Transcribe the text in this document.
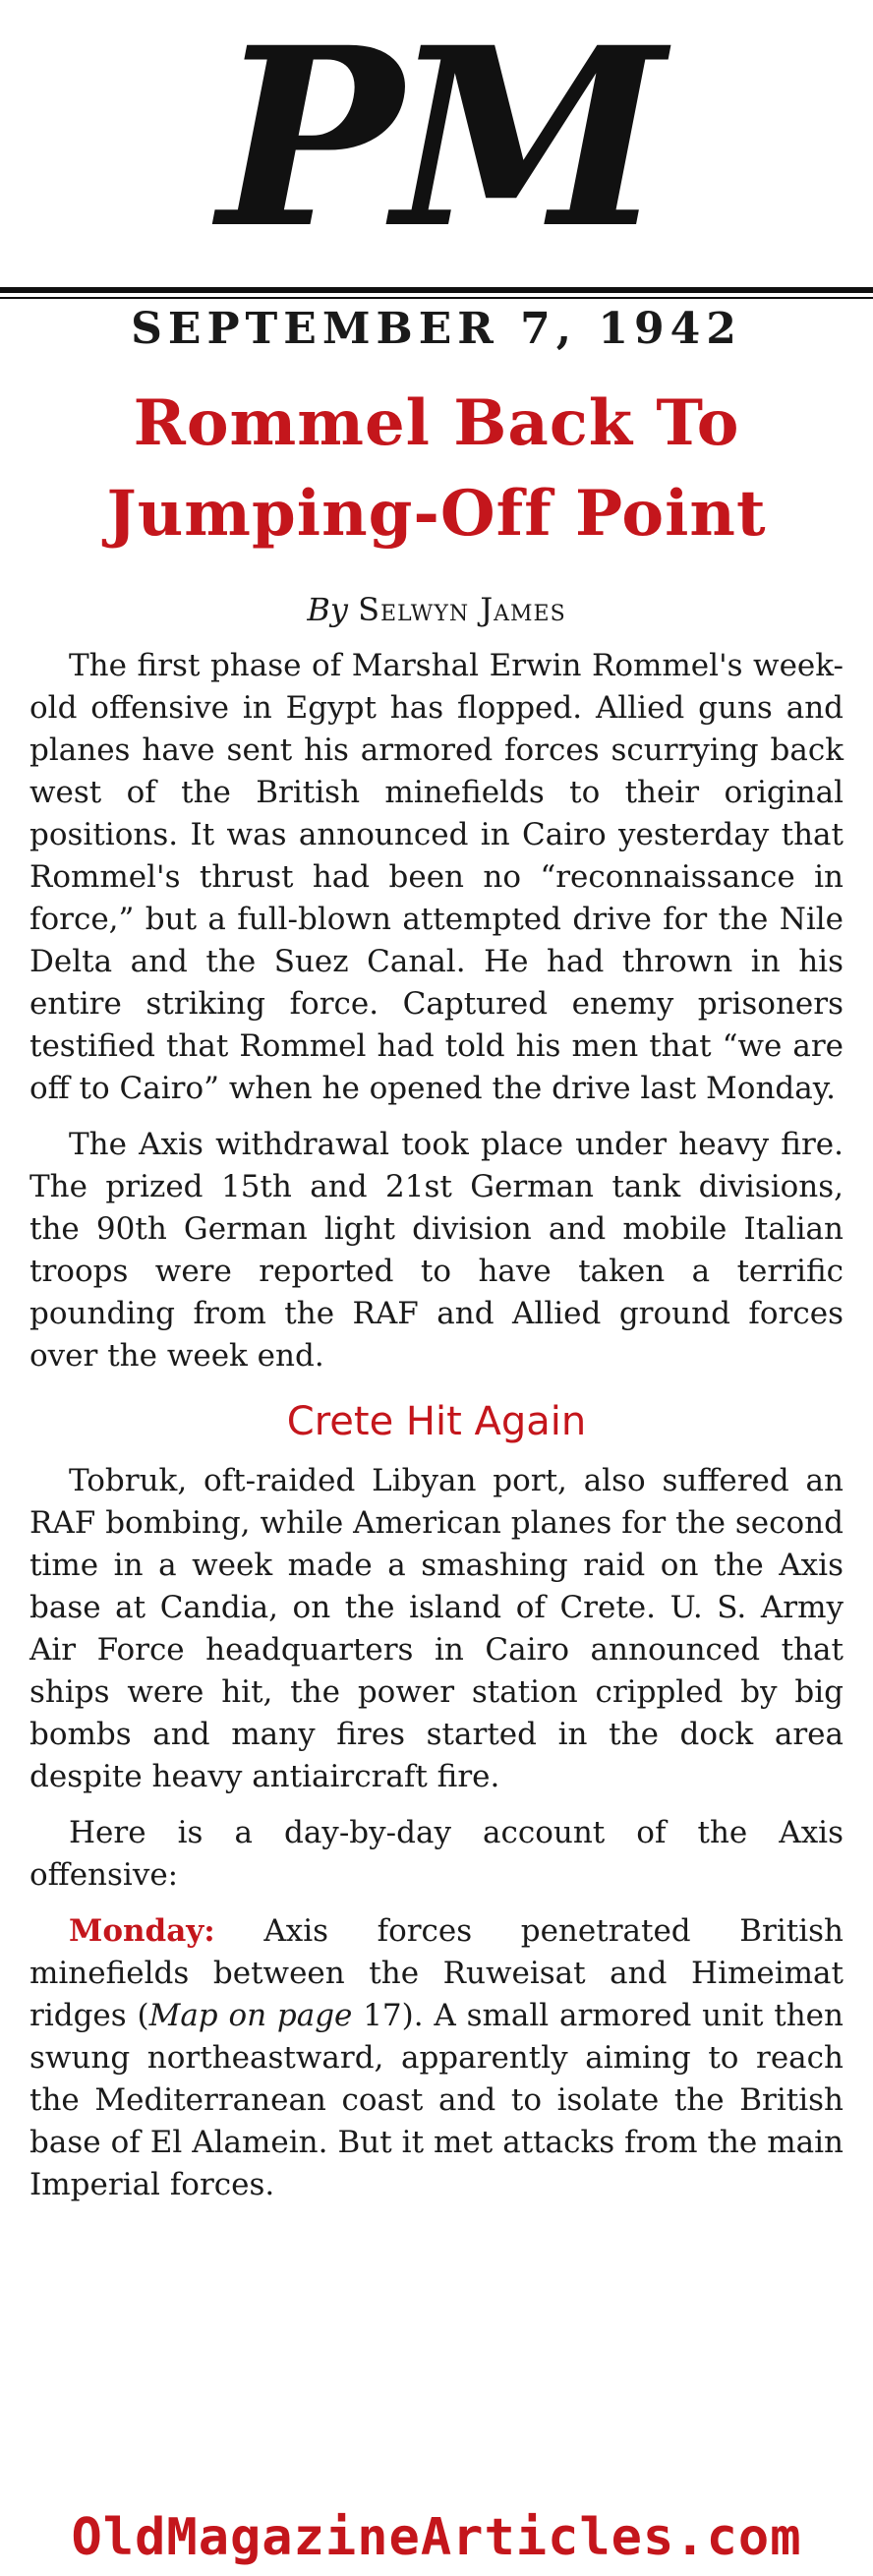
PM
SEPTEMBER 7, 1942
Rommel Back To Jumping-Off Point
By Selwyn James

The first phase of Marshal Erwin Rommel's week-old offensive in Egypt has flopped. Allied guns and planes have sent his armored forces scurrying back west of the British minefields to their original positions. It was announced in Cairo yesterday that Rommel's thrust had been no “reconnaissance in force,” but a full-blown attempted drive for the Nile Delta and the Suez Canal. He had thrown in his entire striking force. Captured enemy prisoners testified that Rommel had told his men that “we are off to Cairo” when he opened the drive last Monday.

The Axis withdrawal took place under heavy fire. The prized 15th and 21st German tank divisions, the 90th German light division and mobile Italian troops were reported to have taken a terrific pounding from the RAF and Allied ground forces over the week end.

Crete Hit Again

Tobruk, oft-raided Libyan port, also suffered an RAF bombing, while American planes for the second time in a week made a smashing raid on the Axis base at Candia, on the island of Crete. U. S. Army Air Force headquarters in Cairo announced that ships were hit, the power station crippled by big bombs and many fires started in the dock area despite heavy antiaircraft fire.

Here is a day-by-day account of the Axis offensive:

Monday: Axis forces penetrated British minefields between the Ruweisat and Himeimat ridges (Map on page 17). A small armored unit then swung northeastward, apparently aiming to reach the Mediterranean coast and to isolate the British base of El Alamein. But it met attacks from the main Imperial forces.

OldMagazineArticles.com
